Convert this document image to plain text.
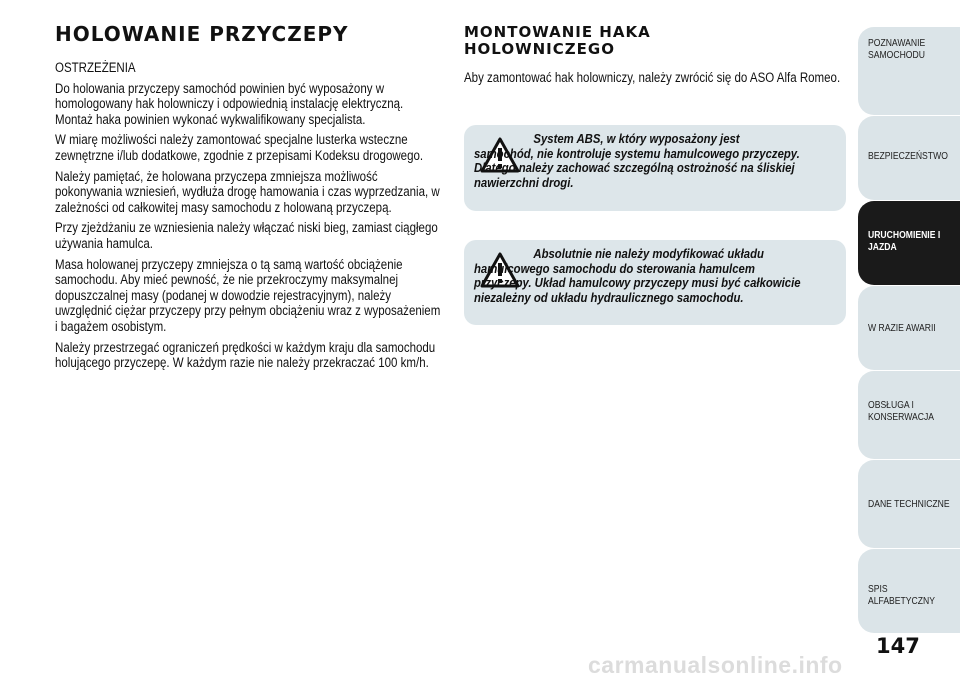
HOLOWANIE PRZYCZEPY

OSTRZEŻENIA

Do holowania przyczepy samochód powinien być wyposażony w homologowany hak holowniczy i odpowiednią instalację elektryczną. Montaż haka powinien wykonać wykwalifikowany specjalista.

W miarę możliwości należy zamontować specjalne lusterka wsteczne zewnętrzne i/lub dodatkowe, zgodnie z przepisami Kodeksu drogowego.

Należy pamiętać, że holowana przyczepa zmniejsza możliwość pokonywania wzniesień, wydłuża drogę hamowania i czas wyprzedzania, w zależności od całkowitej masy samochodu z holowaną przyczepą.

Przy zjeżdżaniu ze wzniesienia należy włączać niski bieg, zamiast ciągłego używania hamulca.

Masa holowanej przyczepy zmniejsza o tą samą wartość obciążenie samochodu. Aby mieć pewność, że nie przekroczymy maksymalnej dopuszczalnej masy (podanej w dowodzie rejestracyjnym), należy uwzględnić ciężar przyczepy przy pełnym obciążeniu wraz z wyposażeniem i bagażem osobistym.

Należy przestrzegać ograniczeń prędkości w każdym kraju dla samochodu holującego przyczepę. W każdym razie nie należy przekraczać 100 km/h.

MONTOWANIE HAKA
HOLOWNICZEGO

Aby zamontować hak holowniczy, należy zwrócić się do ASO Alfa Romeo.

System ABS, w który wyposażony jest samochód, nie kontroluje systemu hamulcowego przyczepy. Dlatego należy zachować szczególną ostrożność na śliskiej nawierzchni drogi.
Absolutnie nie należy modyfikować układu hamulcowego samochodu do sterowania hamulcem przyczepy. Układ hamulcowy przyczepy musi być całkowicie niezależny od układu hydraulicznego samochodu.
POZNAWANIE SAMOCHODU
BEZPIECZEŃSTWO
URUCHOMIENIE I JAZDA
W RAZIE AWARII
OBSŁUGA I KONSERWACJA
DANE TECHNICZNE
SPIS ALFABETYCZNY
147
carmanualsonline.info
